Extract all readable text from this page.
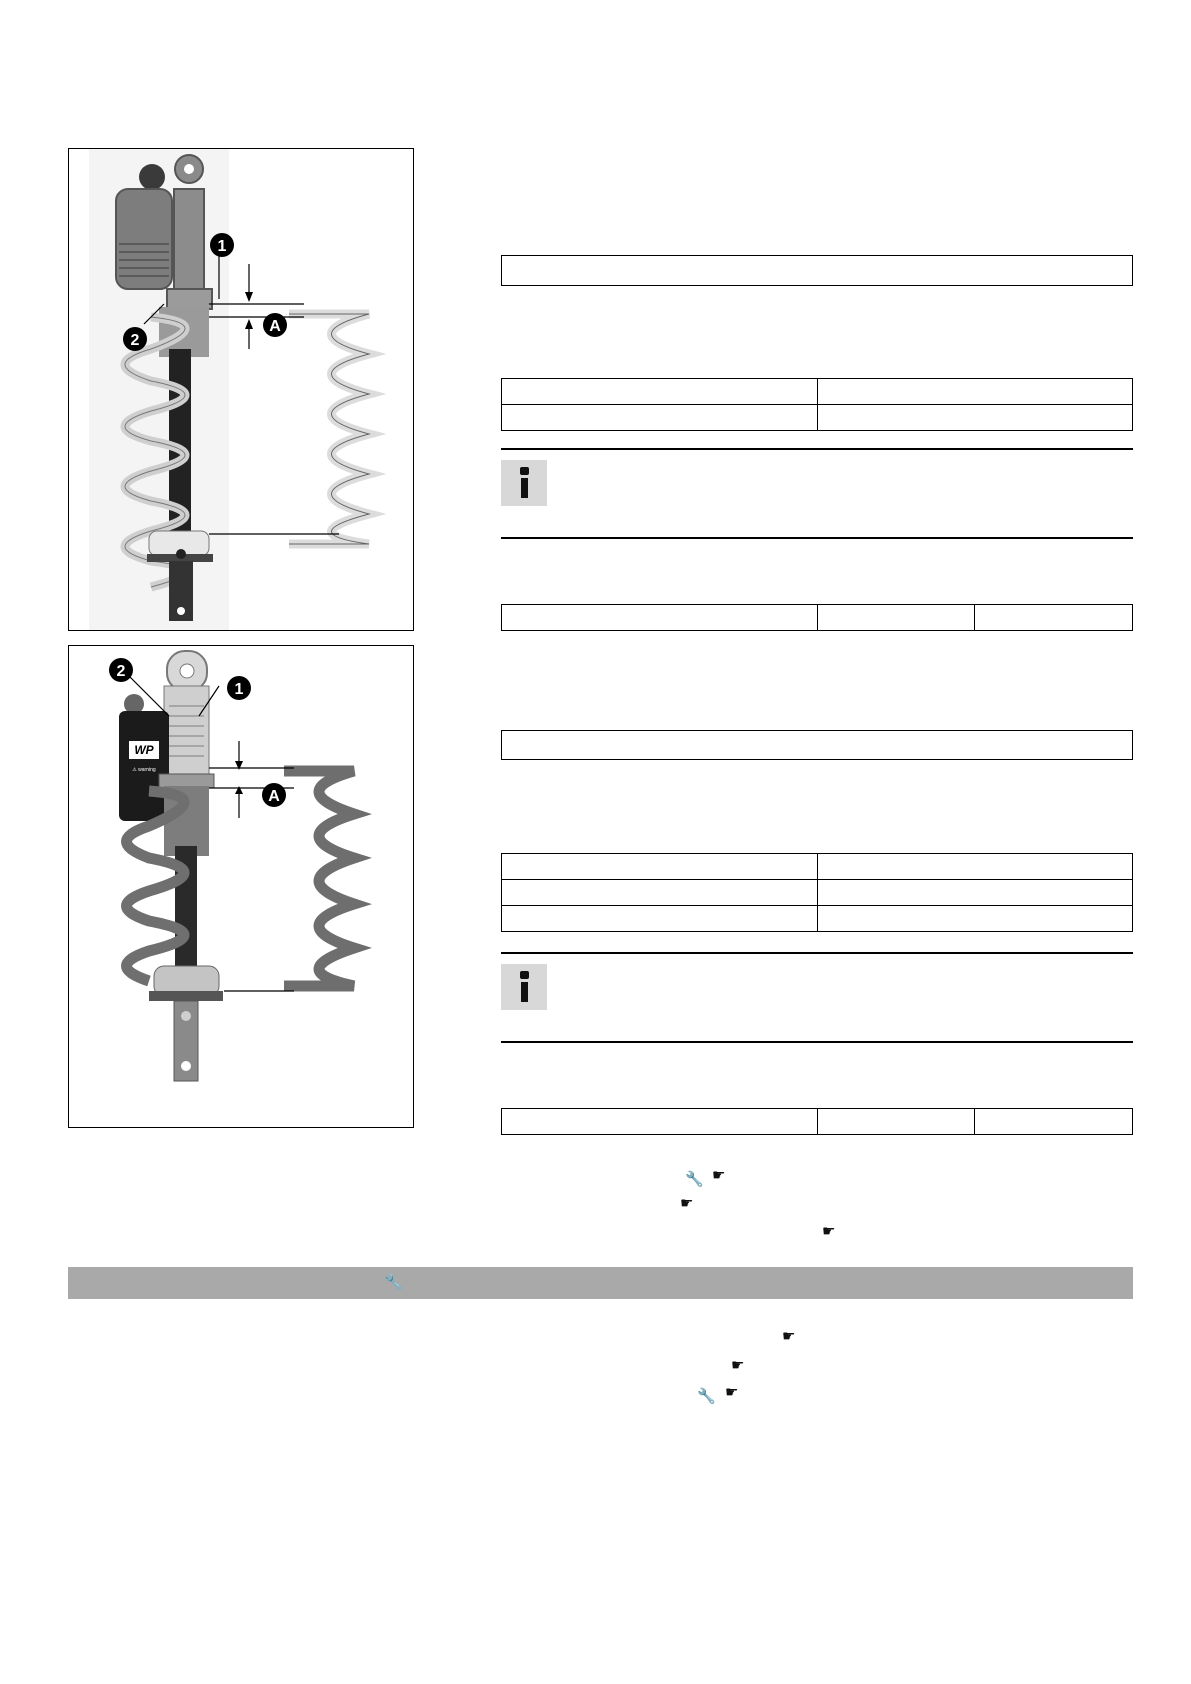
1
2
A
WP
⚠ warning
2
1
A

🔧 ☛
☛
☛
🔧
☛
☛
🔧 ☛
